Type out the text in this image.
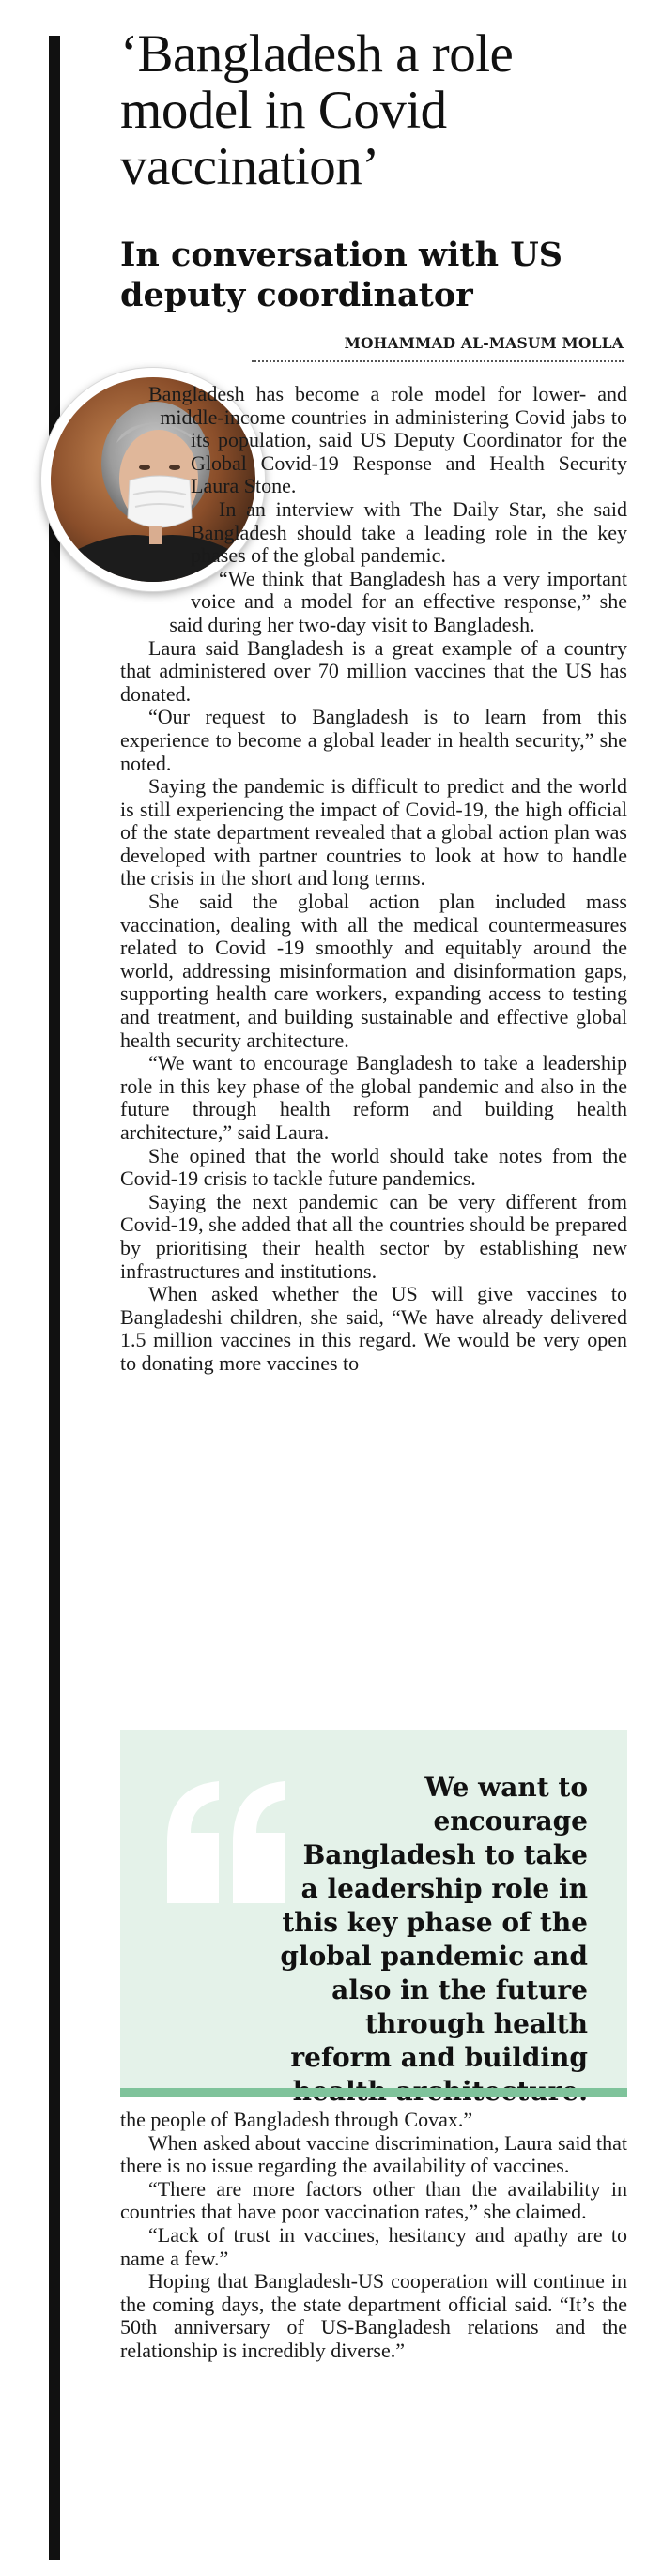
‘Bangladesh a role model in Covid vaccination’
In conversation with US deputy coordinator
MOHAMMAD AL-MASUM MOLLA

Bangladesh has become a role model for lower- and middle-income countries in administering Covid jabs to its population, said US Deputy Coordinator for the Global Covid-19 Response and Health Security Laura Stone.

In an interview with The Daily Star, she said Bangladesh should take a leading role in the key phases of the global pandemic.

“We think that Bangladesh has a very important voice and a model for an effective response,” she said during her two-day visit to Bangladesh.

Laura said Bangladesh is a great example of a country that administered over 70 million vaccines that the US has donated.

“Our request to Bangladesh is to learn from this experience to become a global leader in health security,” she noted.

Saying the pandemic is difficult to predict and the world is still experiencing the impact of Covid-19, the high official of the state department revealed that a global action plan was developed with partner countries to look at how to handle the crisis in the short and long terms.

She said the global action plan included mass vaccination, dealing with all the medical countermeasures related to Covid -19 smoothly and equitably around the world, addressing misinformation and disinformation gaps, supporting health care workers, expanding access to testing and treatment, and building sustainable and effective global health security architecture.

“We want to encourage Bangladesh to take a leadership role in this key phase of the global pandemic and also in the future through health reform and building health architecture,” said Laura.

She opined that the world should take notes from the Covid-19 crisis to tackle future pandemics.

Saying the next pandemic can be very different from Covid-19, she added that all the countries should be prepared by prioritising their health sector by establishing new infrastructures and institutions.

When asked whether the US will give vaccines to Bangladeshi children, she said, “We have already delivered 1.5 million vaccines in this regard. We would be very open to donating more vaccines to

We want to encourage Bangladesh to take a leadership role in this key phase of the global pandemic and also in the future through health reform and building

the people of Bangladesh through Covax.”

When asked about vaccine discrimination, Laura said that there is no issue regarding the availability of vaccines.

“There are more factors other than the availability in countries that have poor vaccination rates,” she claimed.

“Lack of trust in vaccines, hesitancy and apathy are to name a few.”

Hoping that Bangladesh-US cooperation will continue in the coming days, the state department official said. “It’s the 50th anniversary of US-Bangladesh relations and the relationship is incredibly diverse.”
